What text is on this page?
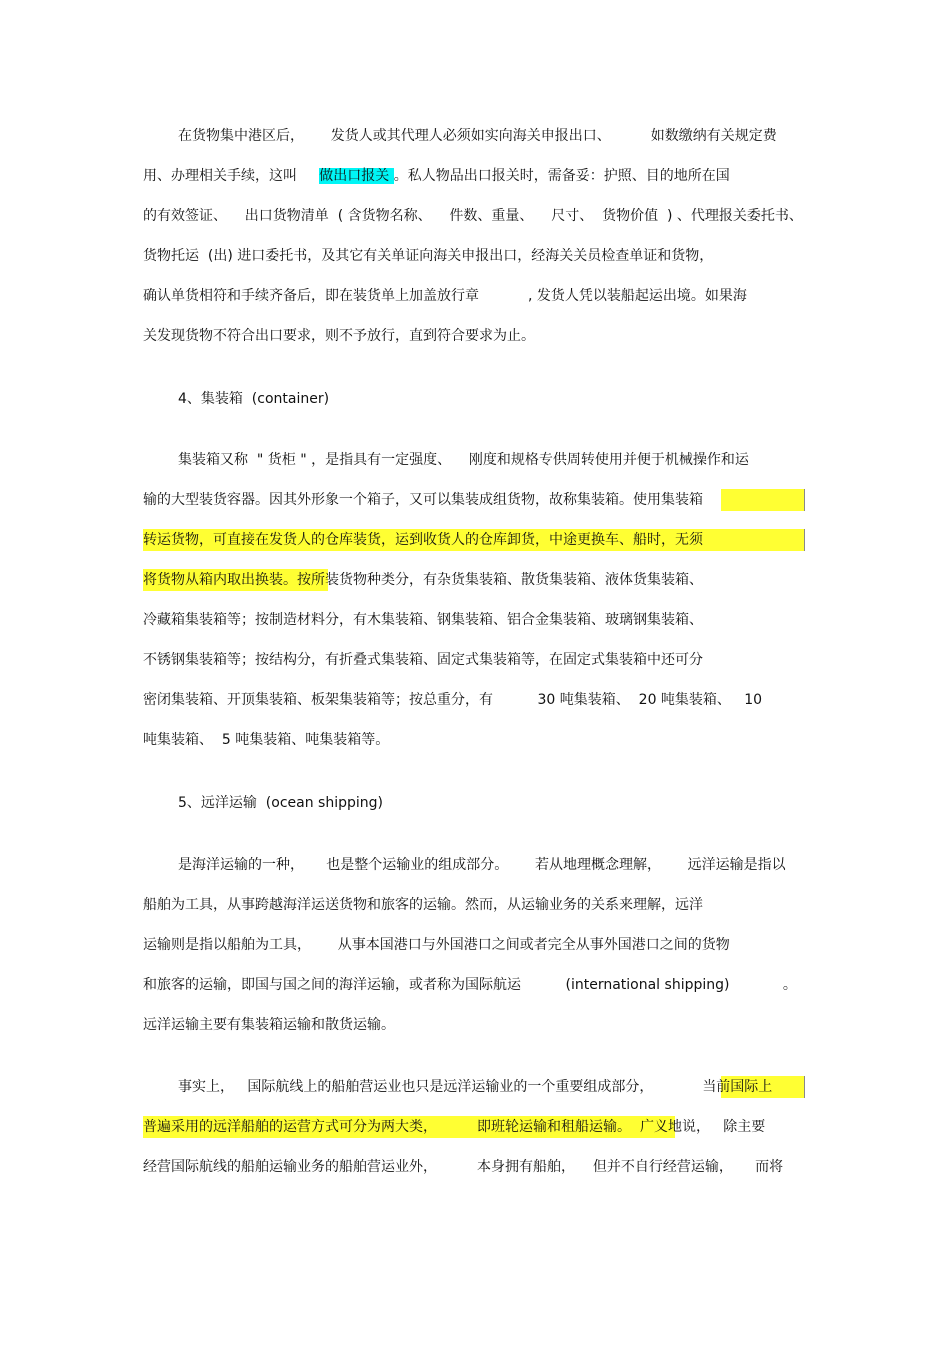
在货物集中港区后，      发货人或其代理人必须如实向海关申报出口、         如数缴纳有关规定费
用、办理相关手续，这叫     做出口报关 。私人物品出口报关时，需备妥：护照、目的地所在国
的有效签证、    出口货物清单  ( 含货物名称、    件数、重量、    尺寸、  货物价值  ) 、代理报关委托书、
货物托运  (出) 进口委托书，及其它有关单证向海关申报出口，经海关关员检查单证和货物，
确认单货相符和手续齐备后，即在装货单上加盖放行章           , 发货人凭以装船起运出境。如果海
关发现货物不符合出口要求，则不予放行，直到符合要求为止。
4、集装箱  (container)
集装箱又称  " 货柜 " ，是指具有一定强度、    刚度和规格专供周转使用并便于机械操作和运
输的大型装货容器。因其外形象一个箱子，又可以集装成组货物，故称集装箱。使用集装箱
转运货物，可直接在发货人的仓库装货，运到收货人的仓库卸货，中途更换车、船时，无须
将货物从箱内取出换装。按所装货物种类分，有杂货集装箱、散货集装箱、液体货集装箱、
冷藏箱集装箱等；按制造材料分，有木集装箱、钢集装箱、铝合金集装箱、玻璃钢集装箱、
不锈钢集装箱等；按结构分，有折叠式集装箱、固定式集装箱等，在固定式集装箱中还可分
密闭集装箱、开顶集装箱、板架集装箱等；按总重分，有          30 吨集装箱、  20 吨集装箱、   10
吨集装箱、  5 吨集装箱、吨集装箱等。
5、远洋运输  (ocean shipping)
是海洋运输的一种，     也是整个运输业的组成部分。      若从地理概念理解，      远洋运输是指以
船舶为工具，从事跨越海洋运送货物和旅客的运输。然而，从运输业务的关系来理解，远洋
运输则是指以船舶为工具，      从事本国港口与外国港口之间或者完全从事外国港口之间的货物
和旅客的运输，即国与国之间的海洋运输，或者称为国际航运          (international shipping)            。
远洋运输主要有集装箱运输和散货运输。
事实上，   国际航线上的船舶营运业也只是远洋运输业的一个重要组成部分，           当前国际上
普遍采用的远洋船舶的运营方式可分为两大类，         即班轮运输和租船运输。  广义地说，   除主要
经营国际航线的船舶运输业务的船舶营运业外，         本身拥有船舶，    但并不自行经营运输，     而将
